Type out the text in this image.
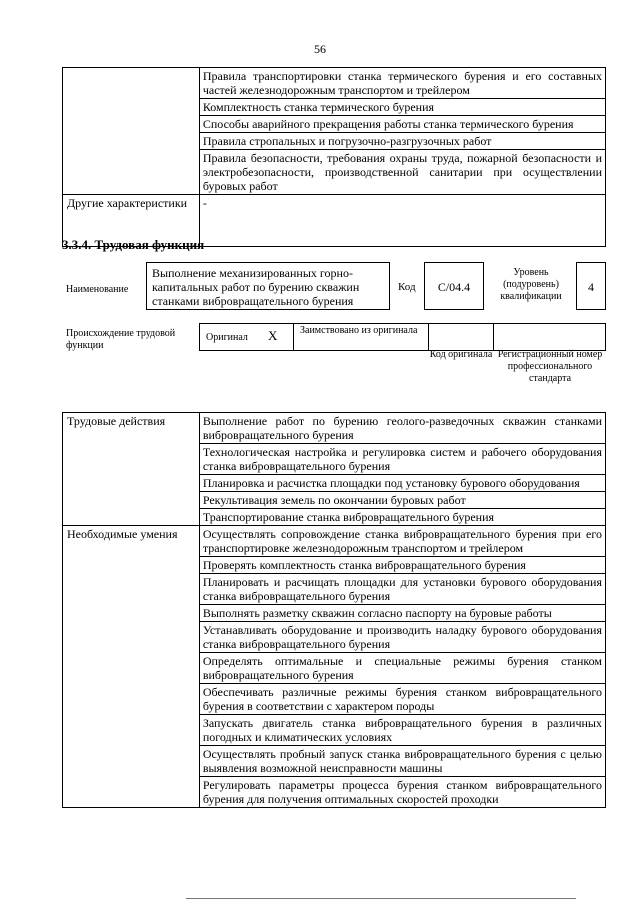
56
	Правила транспортировки станка термического бурения и его составных частей железнодорожным транспортом и трейлером
	Комплектность станка термического бурения
	Способы аварийного прекращения работы станка термического бурения
	Правила стропальных и погрузочно-разгрузочных работ
	Правила безопасности, требования охраны труда, пожарной безопасности и электробезопасности, производственной санитарии при осуществлении буровых работ
Другие характеристики	-
3.3.4. Трудовая функция
Наименование
Выполнение механизированных горно-капитальных работ по бурению скважин станками вибровращательного бурения
Код	С/04.4
Уровень (подуровень) квалификации
4
Происхождение трудовой функции
Оригинал X Заимствовано из оригинала
Код оригинала Регистрационный номер профессионального стандарта
Трудовые действия	Выполнение работ по бурению геолого-разведочных скважин станками вибровращательного бурения
	Технологическая настройка и регулировка систем и рабочего оборудования станка вибровращательного бурения
	Планировка и расчистка площадки под установку бурового оборудования
	Рекультивация земель по окончании буровых работ
	Транспортирование станка вибровращательного бурения
Необходимые умения	Осуществлять сопровождение станка вибровращательного бурения при его транспортировке железнодорожным транспортом и трейлером
	Проверять комплектность станка вибровращательного бурения
	Планировать и расчищать площадки для установки бурового оборудования станка вибровращательного бурения
	Выполнять разметку скважин согласно паспорту на буровые работы
	Устанавливать оборудование и производить наладку бурового оборудования станка вибровращательного бурения
	Определять оптимальные и специальные режимы бурения станком вибровращательного бурения
	Обеспечивать различные режимы бурения станком вибровращательного бурения в соответствии с характером породы
	Запускать двигатель станка вибровращательного бурения в различных погодных и климатических условиях
	Осуществлять пробный запуск станка вибровращательного бурения с целью выявления возможной неисправности машины
	Регулировать параметры процесса бурения станком вибровращательного бурения для получения оптимальных скоростей проходки
